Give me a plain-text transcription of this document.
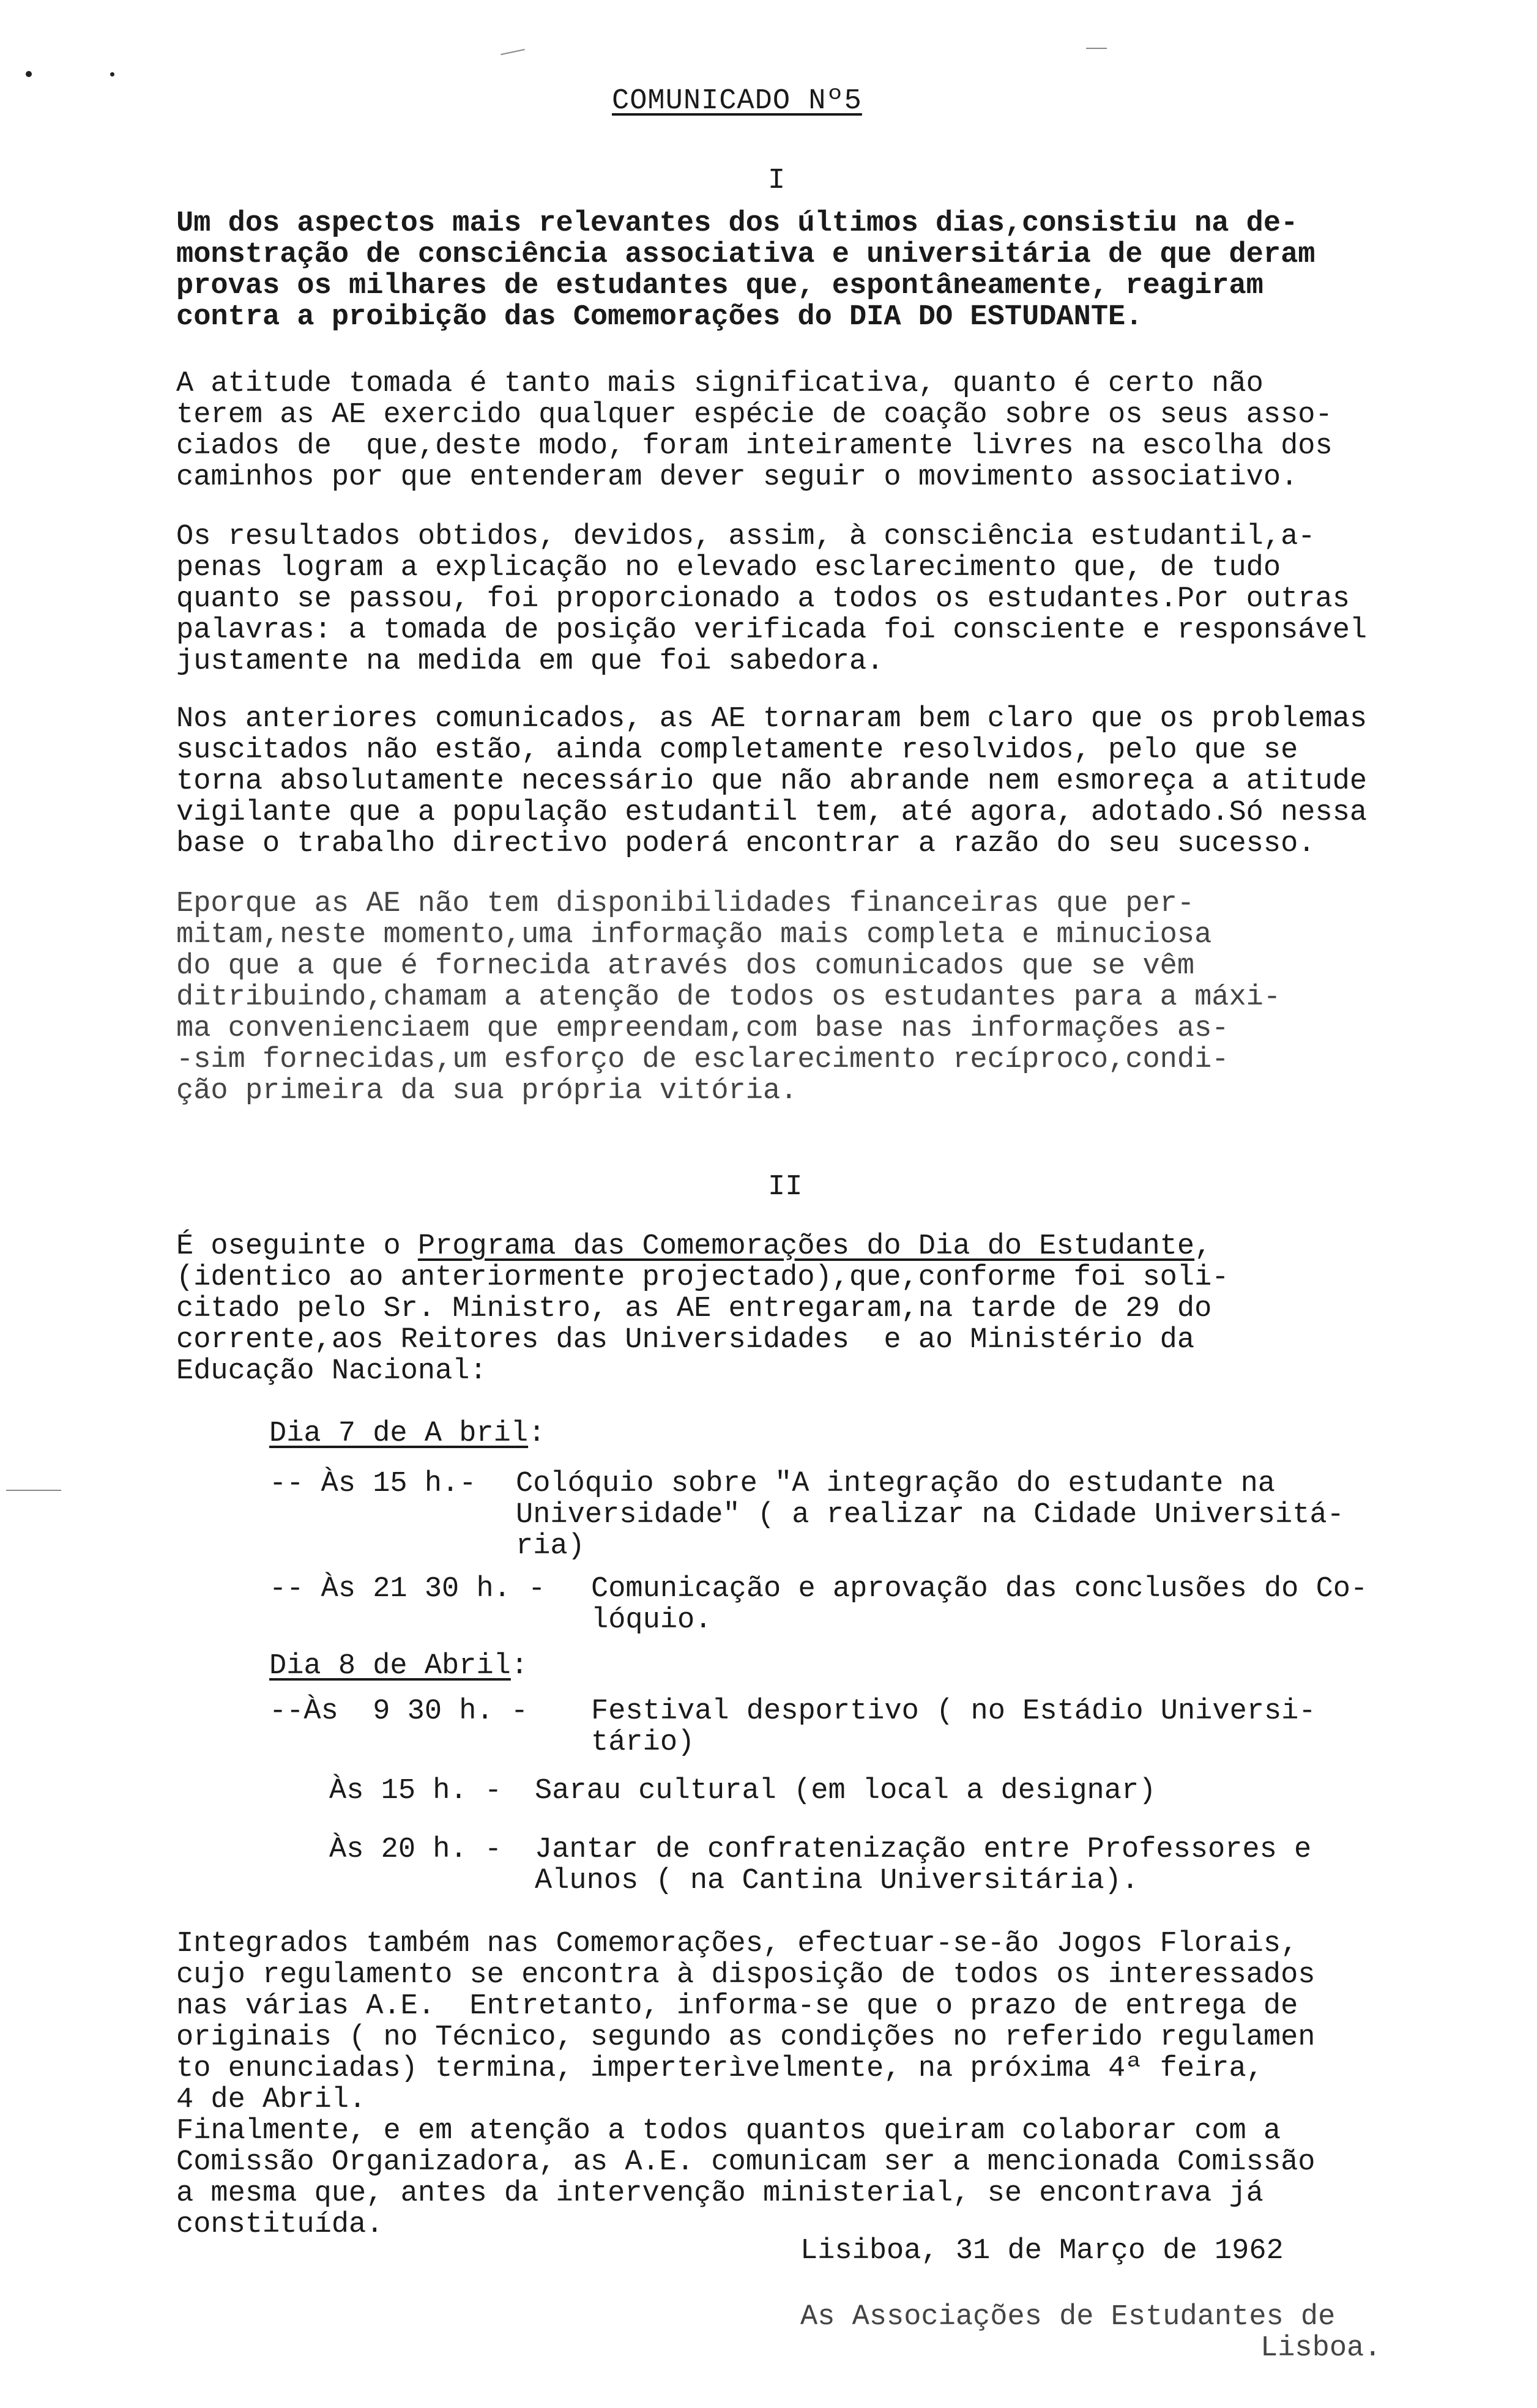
COMUNICADO Nº5
I
Um dos aspectos mais relevantes dos últimos dias,consistiu na de-
monstração de consciência associativa e universitária de que deram
provas os milhares de estudantes que, espontâneamente, reagiram
contra a proibição das Comemorações do DIA DO ESTUDANTE.
A atitude tomada é tanto mais significativa, quanto é certo não
terem as AE exercido qualquer espécie de coação sobre os seus asso-
ciados de  que,deste modo, foram inteiramente livres na escolha dos
caminhos por que entenderam dever seguir o movimento associativo.
Os resultados obtidos, devidos, assim, à consciência estudantil,a-
penas logram a explicação no elevado esclarecimento que, de tudo
quanto se passou, foi proporcionado a todos os estudantes.Por outras
palavras: a tomada de posição verificada foi consciente e responsável
justamente na medida em que foi sabedora.
Nos anteriores comunicados, as AE tornaram bem claro que os problemas
suscitados não estão, ainda completamente resolvidos, pelo que se
torna absolutamente necessário que não abrande nem esmoreça a atitude
vigilante que a população estudantil tem, até agora, adotado.Só nessa
base o trabalho directivo poderá encontrar a razão do seu sucesso.
Eporque as AE não tem disponibilidades financeiras que per-
mitam,neste momento,uma informação mais completa e minuciosa
do que a que é fornecida através dos comunicados que se vêm
ditribuindo,chamam a atenção de todos os estudantes para a máxi-
ma convenienciaem que empreendam,com base nas informações as-
-sim fornecidas,um esforço de esclarecimento recíproco,condi-
ção primeira da sua própria vitória.
II
É oseguinte o Programa das Comemorações do Dia do Estudante,
(identico ao anteriormente projectado),que,conforme foi soli-
citado pelo Sr. Ministro, as AE entregaram,na tarde de 29 do
corrente,aos Reitores das Universidades  e ao Ministério da
Educação Nacional:
Dia 7 de A bril:
-- Às 15 h.- Colóquio sobre "A integração do estudante na
Universidade" ( a realizar na Cidade Universitá-
ria)
-- Às 21 30 h. - Comunicação e aprovação das conclusões do Co-
lóquio.
Dia 8 de Abril:
--Às  9 30 h. - Festival desportivo ( no Estádio Universi-
tário)
Às 15 h. - Sarau cultural (em local a designar)
Às 20 h. - Jantar de confratenização entre Professores e
Alunos ( na Cantina Universitária).
Integrados também nas Comemorações, efectuar-se-ão Jogos Florais,
cujo regulamento se encontra à disposição de todos os interessados
nas várias A.E.  Entretanto, informa-se que o prazo de entrega de
originais ( no Técnico, segundo as condições no referido regulamen
to enunciadas) termina, imperterìvelmente, na próxima 4ª feira,
4 de Abril.
Finalmente, e em atenção a todos quantos queiram colaborar com a
Comissão Organizadora, as A.E. comunicam ser a mencionada Comissão
a mesma que, antes da intervenção ministerial, se encontrava já
constituída.
Lisiboa, 31 de Março de 1962
As Associações de Estudantes de
Lisboa.
